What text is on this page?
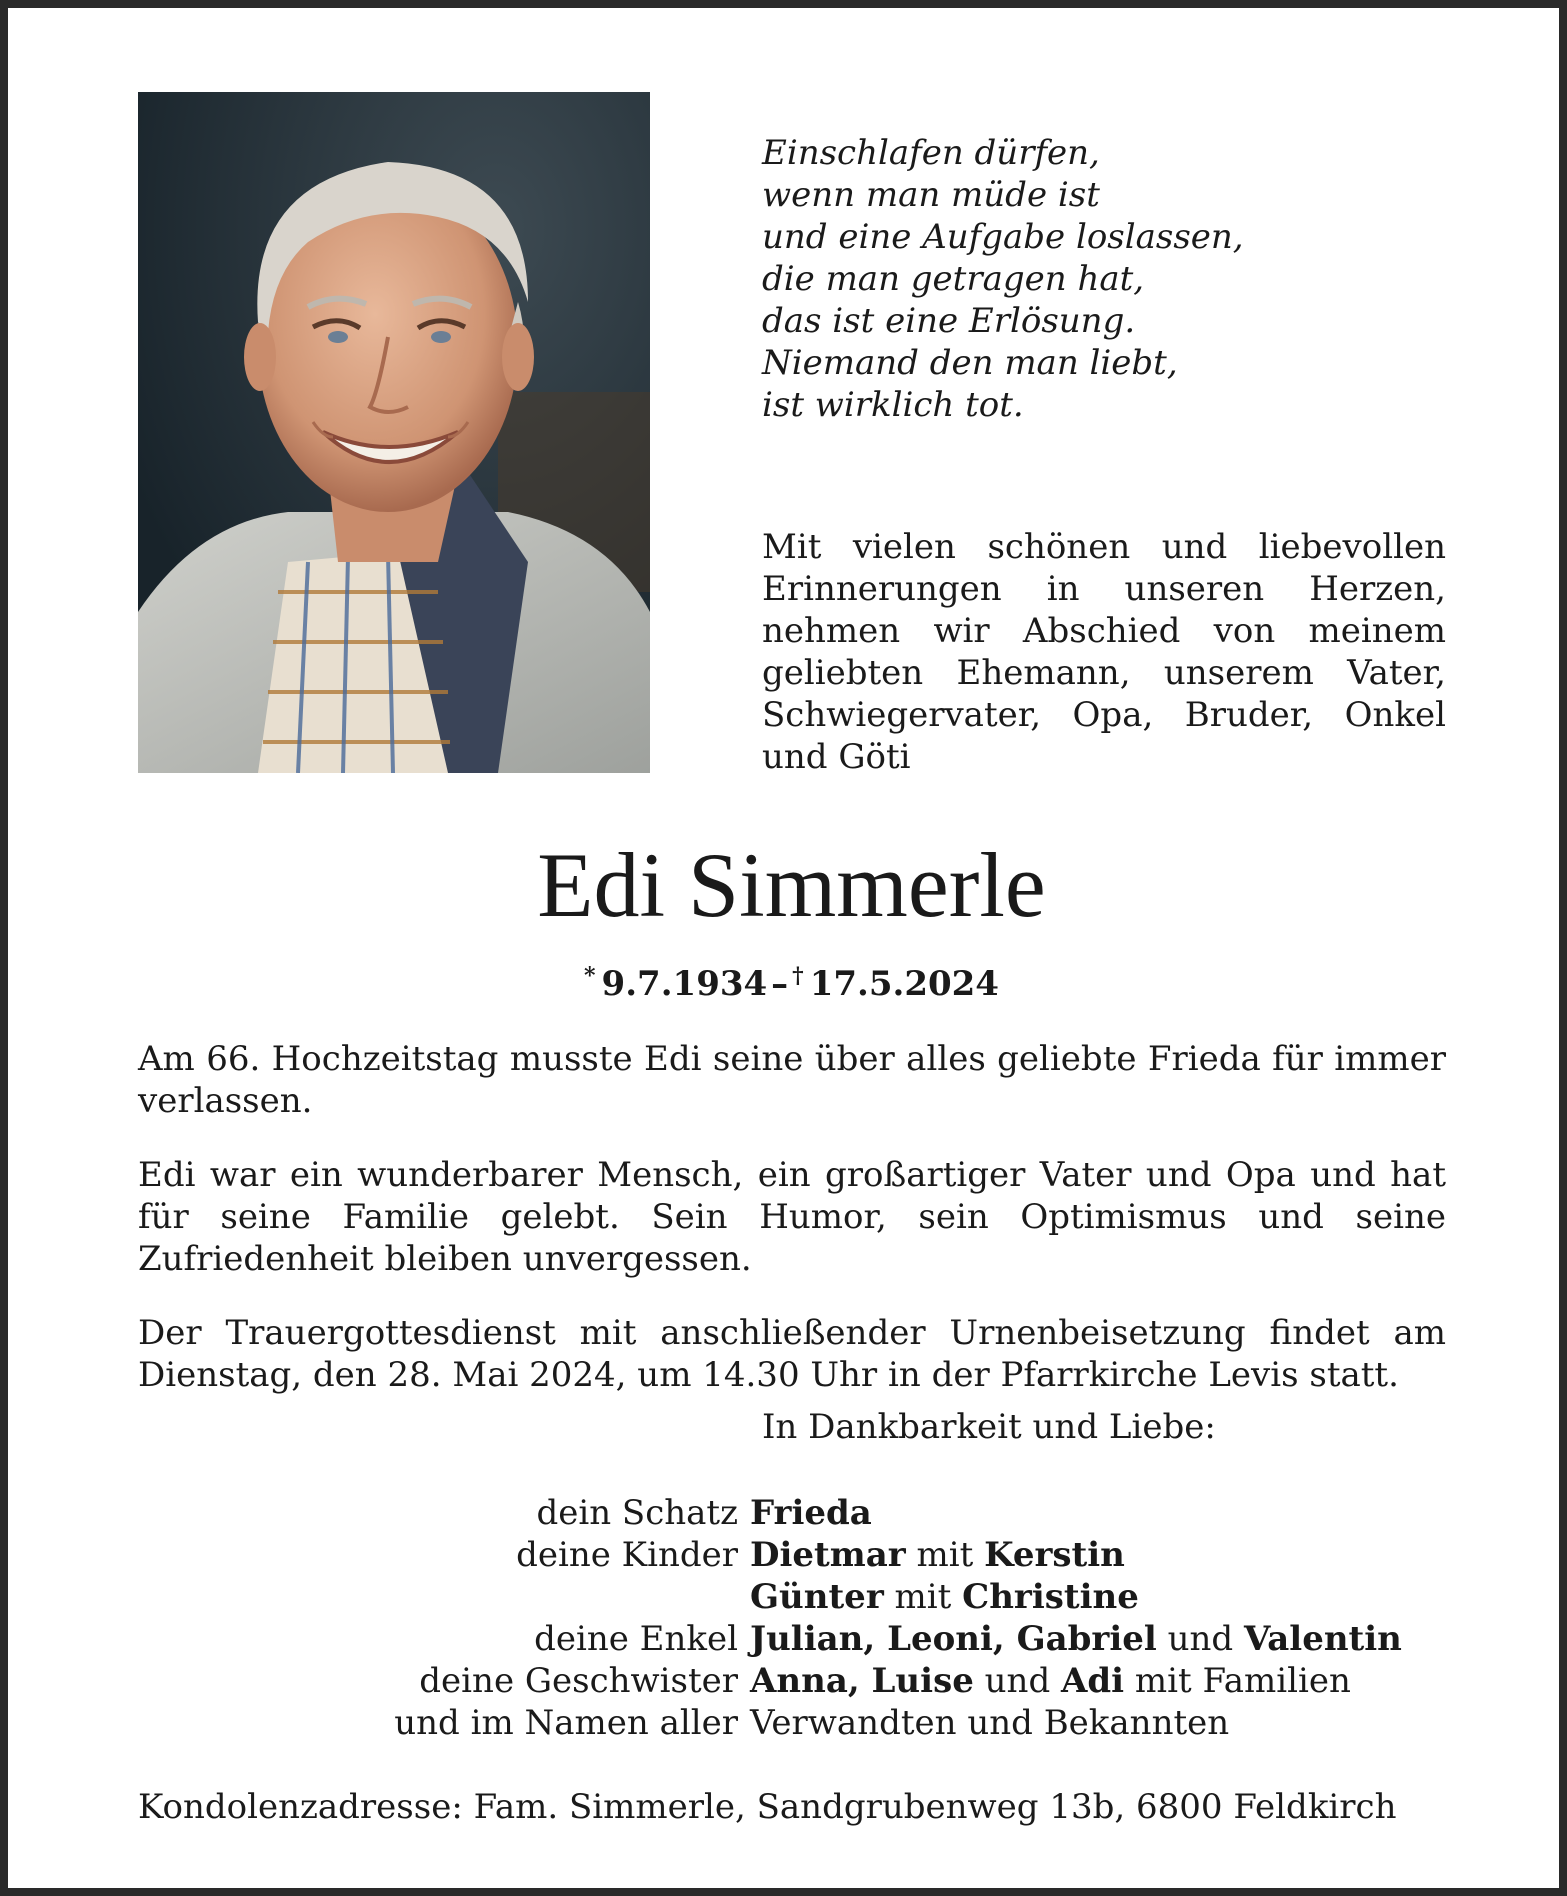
Einschlafen dürfen,
wenn man müde ist
und eine Aufgabe loslassen,
die man getragen hat,
das ist eine Erlösung.
Niemand den man liebt,
ist wirklich tot.

Mit vielen schönen und liebevollen Erinnerungen in unseren Herzen, nehmen wir Abschied von meinem geliebten Ehemann, unserem Vater, Schwiegervater, Opa, Bruder, Onkel und Göti

Edi Simmerle
* 9.7.1934 – † 17.5.2024

Am 66. Hochzeitstag musste Edi seine über alles geliebte Frieda für immer verlassen.

Edi war ein wunderbarer Mensch, ein großartiger Vater und Opa und hat für seine Familie gelebt. Sein Humor, sein Optimismus und seine Zufriedenheit bleiben unvergessen.

Der Trauergottesdienst mit anschließender Urnenbeisetzung findet am Dienstag, den 28. Mai 2024, um 14.30 Uhr in der Pfarrkirche Levis statt.

In Dankbarkeit und Liebe:
dein Schatz Frieda
deine Kinder Dietmar mit Kerstin
Günter mit Christine
deine Enkel Julian, Leoni, Gabriel und Valentin
deine Geschwister Anna, Luise und Adi mit Familien
und im Namen aller Verwandten und Bekannten
Kondolenzadresse: Fam. Simmerle, Sandgrubenweg 13b, 6800 Feldkirch
